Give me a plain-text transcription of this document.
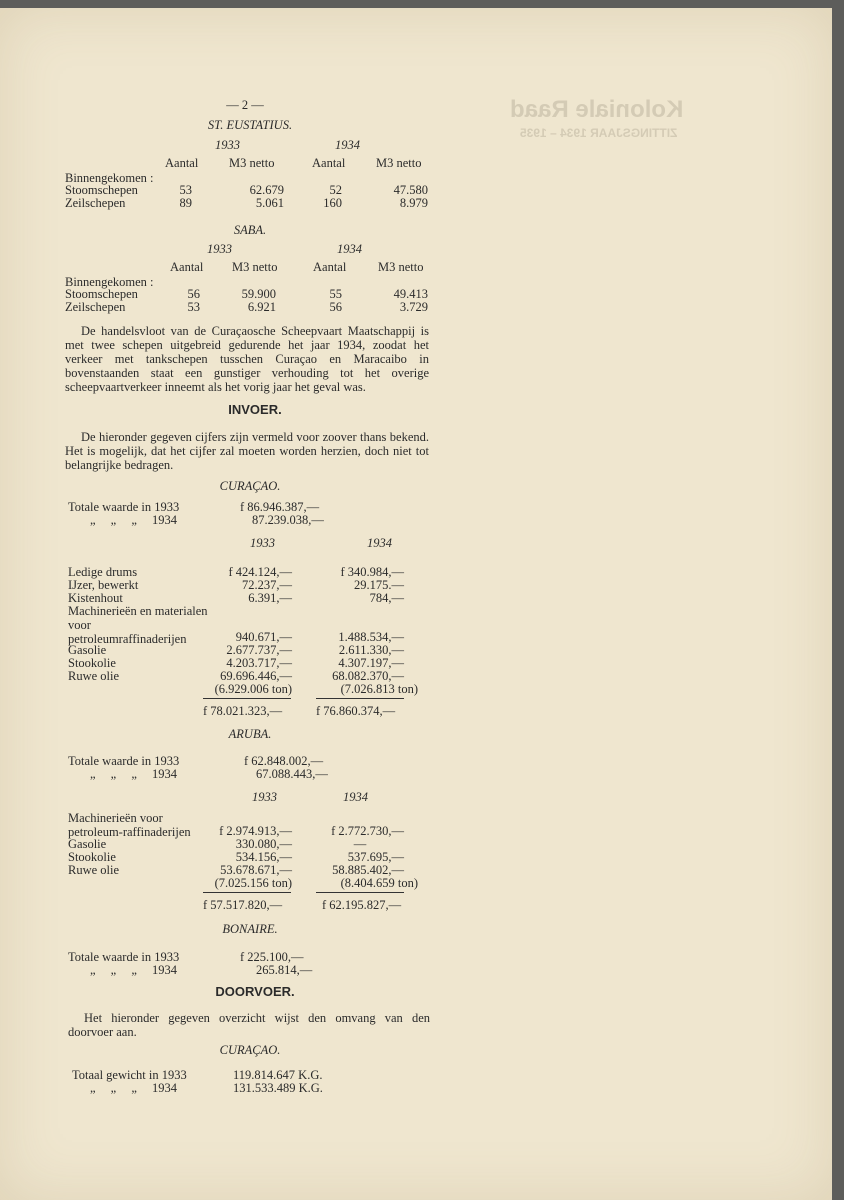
Koloniale Raad
ZITTINGSJAAR 1934 – 1935
— 2 —
ST. EUSTATIUS.
1933	1934
Aantal M3 netto	Aantal M3 netto
Binnengekomen :
Stoomschepen	53	62.679	52	47.580
Zeilschepen	89	5.061	160	8.979
SABA.
1933	1934
Aantal M3 netto	Aantal	M3 netto
Binnengekomen :
Stoomschepen	56	59.900	55	49.413
Zeilschepen	53	6.921	56	3.729
De handelsvloot van de Curaçaosche Scheepvaart Maatschappij is met twee schepen uitgebreid gedurende het jaar 1934, zoodat het verkeer met tankschepen tusschen Curaçao en Maracaibo in bovenstaanden staat een gunstiger verhouding tot het overige scheepvaartverkeer inneemt als het vorig jaar het geval was.
INVOER.
De hieronder gegeven cijfers zijn vermeld voor zoover thans bekend. Het is mogelijk, dat het cijfer zal moeten worden herzien, doch niet tot belangrijke bedragen.
CURAÇAO.
Totale waarde in 1933	f 86.946.387,—
„ „ „ 1934	87.239.038,—
1933	1934
Ledige drums	f 424.124,—	f 340.984,—
IJzer, bewerkt	72.237,—	29.175.—
Kistenhout	6.391,—	784,—
Machinerieën en materialen voor petroleumraffinaderijen	940.671,—	1.488.534,—
Gasolie	2.677.737,—	2.611.330,—
Stookolie	4.203.717,—	4.307.197,—
Ruwe olie	69.696.446,—	68.082.370,—
(6.929.006 ton)	(7.026.813 ton)
f 78.021.323,—	f 76.860.374,—
ARUBA.
Totale waarde in 1933	f 62.848.002,—
„ „ „ 1934	67.088.443,—
1933	1934
Machinerieën voor petroleum-raffinaderijen	f 2.974.913,—	f 2.772.730,—
Gasolie	330.080,—	—
Stookolie	534.156,—	537.695,—
Ruwe olie	53.678.671,—	58.885.402,—
(7.025.156 ton)	(8.404.659 ton)
f 57.517.820,—	f 62.195.827,—
BONAIRE.
Totale waarde in 1933	f 225.100,—
„ „ „ 1934	265.814,—
DOORVOER.
Het hieronder gegeven overzicht wijst den omvang van den doorvoer aan.
CURAÇAO.
Totaal gewicht in 1933	119.814.647 K.G.
„ „ „ 1934	131.533.489 K.G.
